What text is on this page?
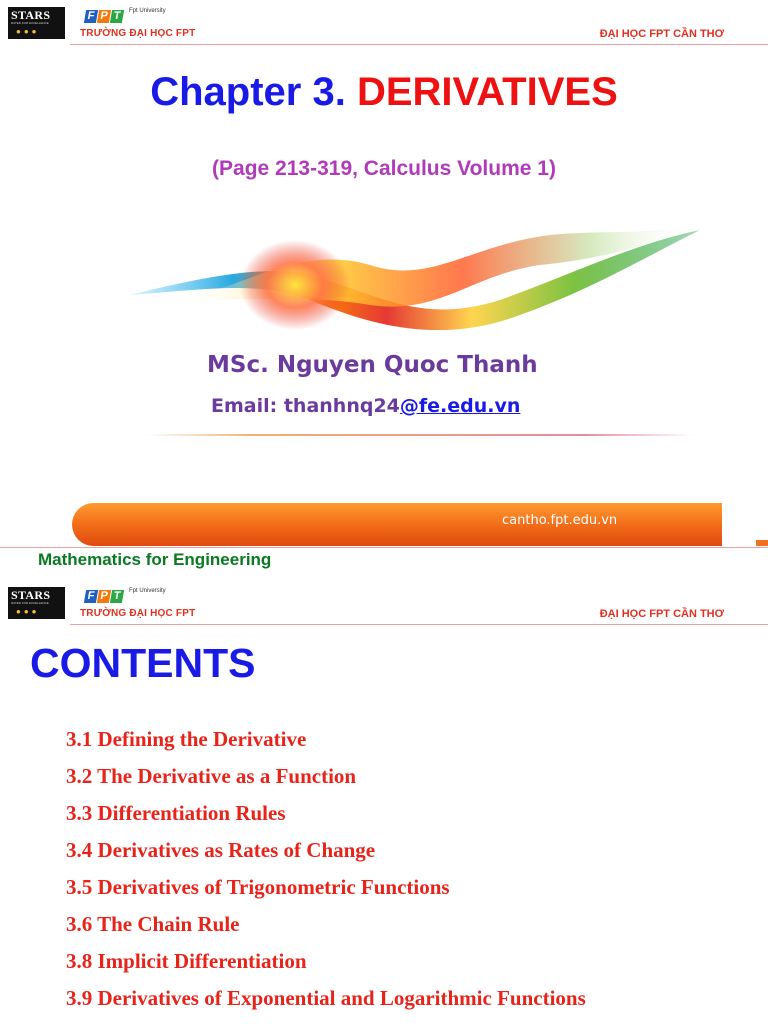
STARS
RATED FOR EXCELLENCE
●●●
F P T Fpt University
TRƯỜNG ĐẠI HỌC FPT	ĐẠI HỌC FPT CẦN THƠ
Chapter 3. DERIVATIVES
(Page 213-319, Calculus Volume 1)
MSc. Nguyen Quoc Thanh
Email: thanhnq24@fe.edu.vn
cantho.fpt.edu.vn
Mathematics for Engineering
STARS
RATED FOR EXCELLENCE
●●●
F P T Fpt University
TRƯỜNG ĐẠI HỌC FPT	ĐẠI HỌC FPT CẦN THƠ
CONTENTS
3.1 Defining the Derivative
3.2 The Derivative as a Function
3.3 Differentiation Rules
3.4 Derivatives as Rates of Change
3.5 Derivatives of Trigonometric Functions
3.6 The Chain Rule
3.8 Implicit Differentiation
3.9 Derivatives of Exponential and Logarithmic Functions
